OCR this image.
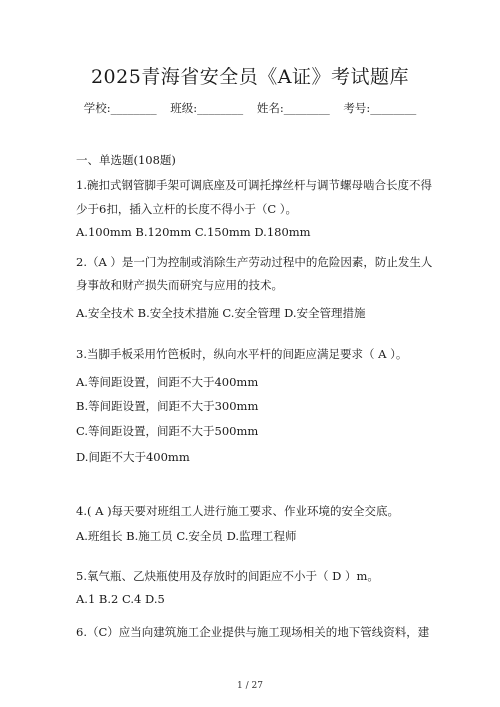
2025青海省安全员《A证》考试题库
学校:________ 班级:________ 姓名:________ 考号:________
一、单选题(108题)
1.碗扣式钢管脚手架可调底座及可调托撑丝杆与调节螺母啮合长度不得
少于6扣，插入立杆的长度不得小于（C ）。
A.100mm B.120mm C.150mm D.180mm
2.（A ）是一门为控制或消除生产劳动过程中的危险因素，防止发生人
身事故和财产损失而研究与应用的技术。
A.安全技术 B.安全技术措施 C.安全管理 D.安全管理措施
3.当脚手板采用竹笆板时，纵向水平杆的间距应满足要求（ A ）。
A.等间距设置，间距不大于400mm
B.等间距设置，间距不大于300mm
C.等间距设置，间距不大于500mm
D.间距不大于400mm
4.( A )每天要对班组工人进行施工要求、作业环境的安全交底。
A.班组长 B.施工员 C.安全员 D.监理工程师
5.氧气瓶、乙炔瓶使用及存放时的间距应不小于（ D ）m。
A.1 B.2 C.4 D.5
6.（C）应当向建筑施工企业提供与施工现场相关的地下管线资料，建
1 / 27
